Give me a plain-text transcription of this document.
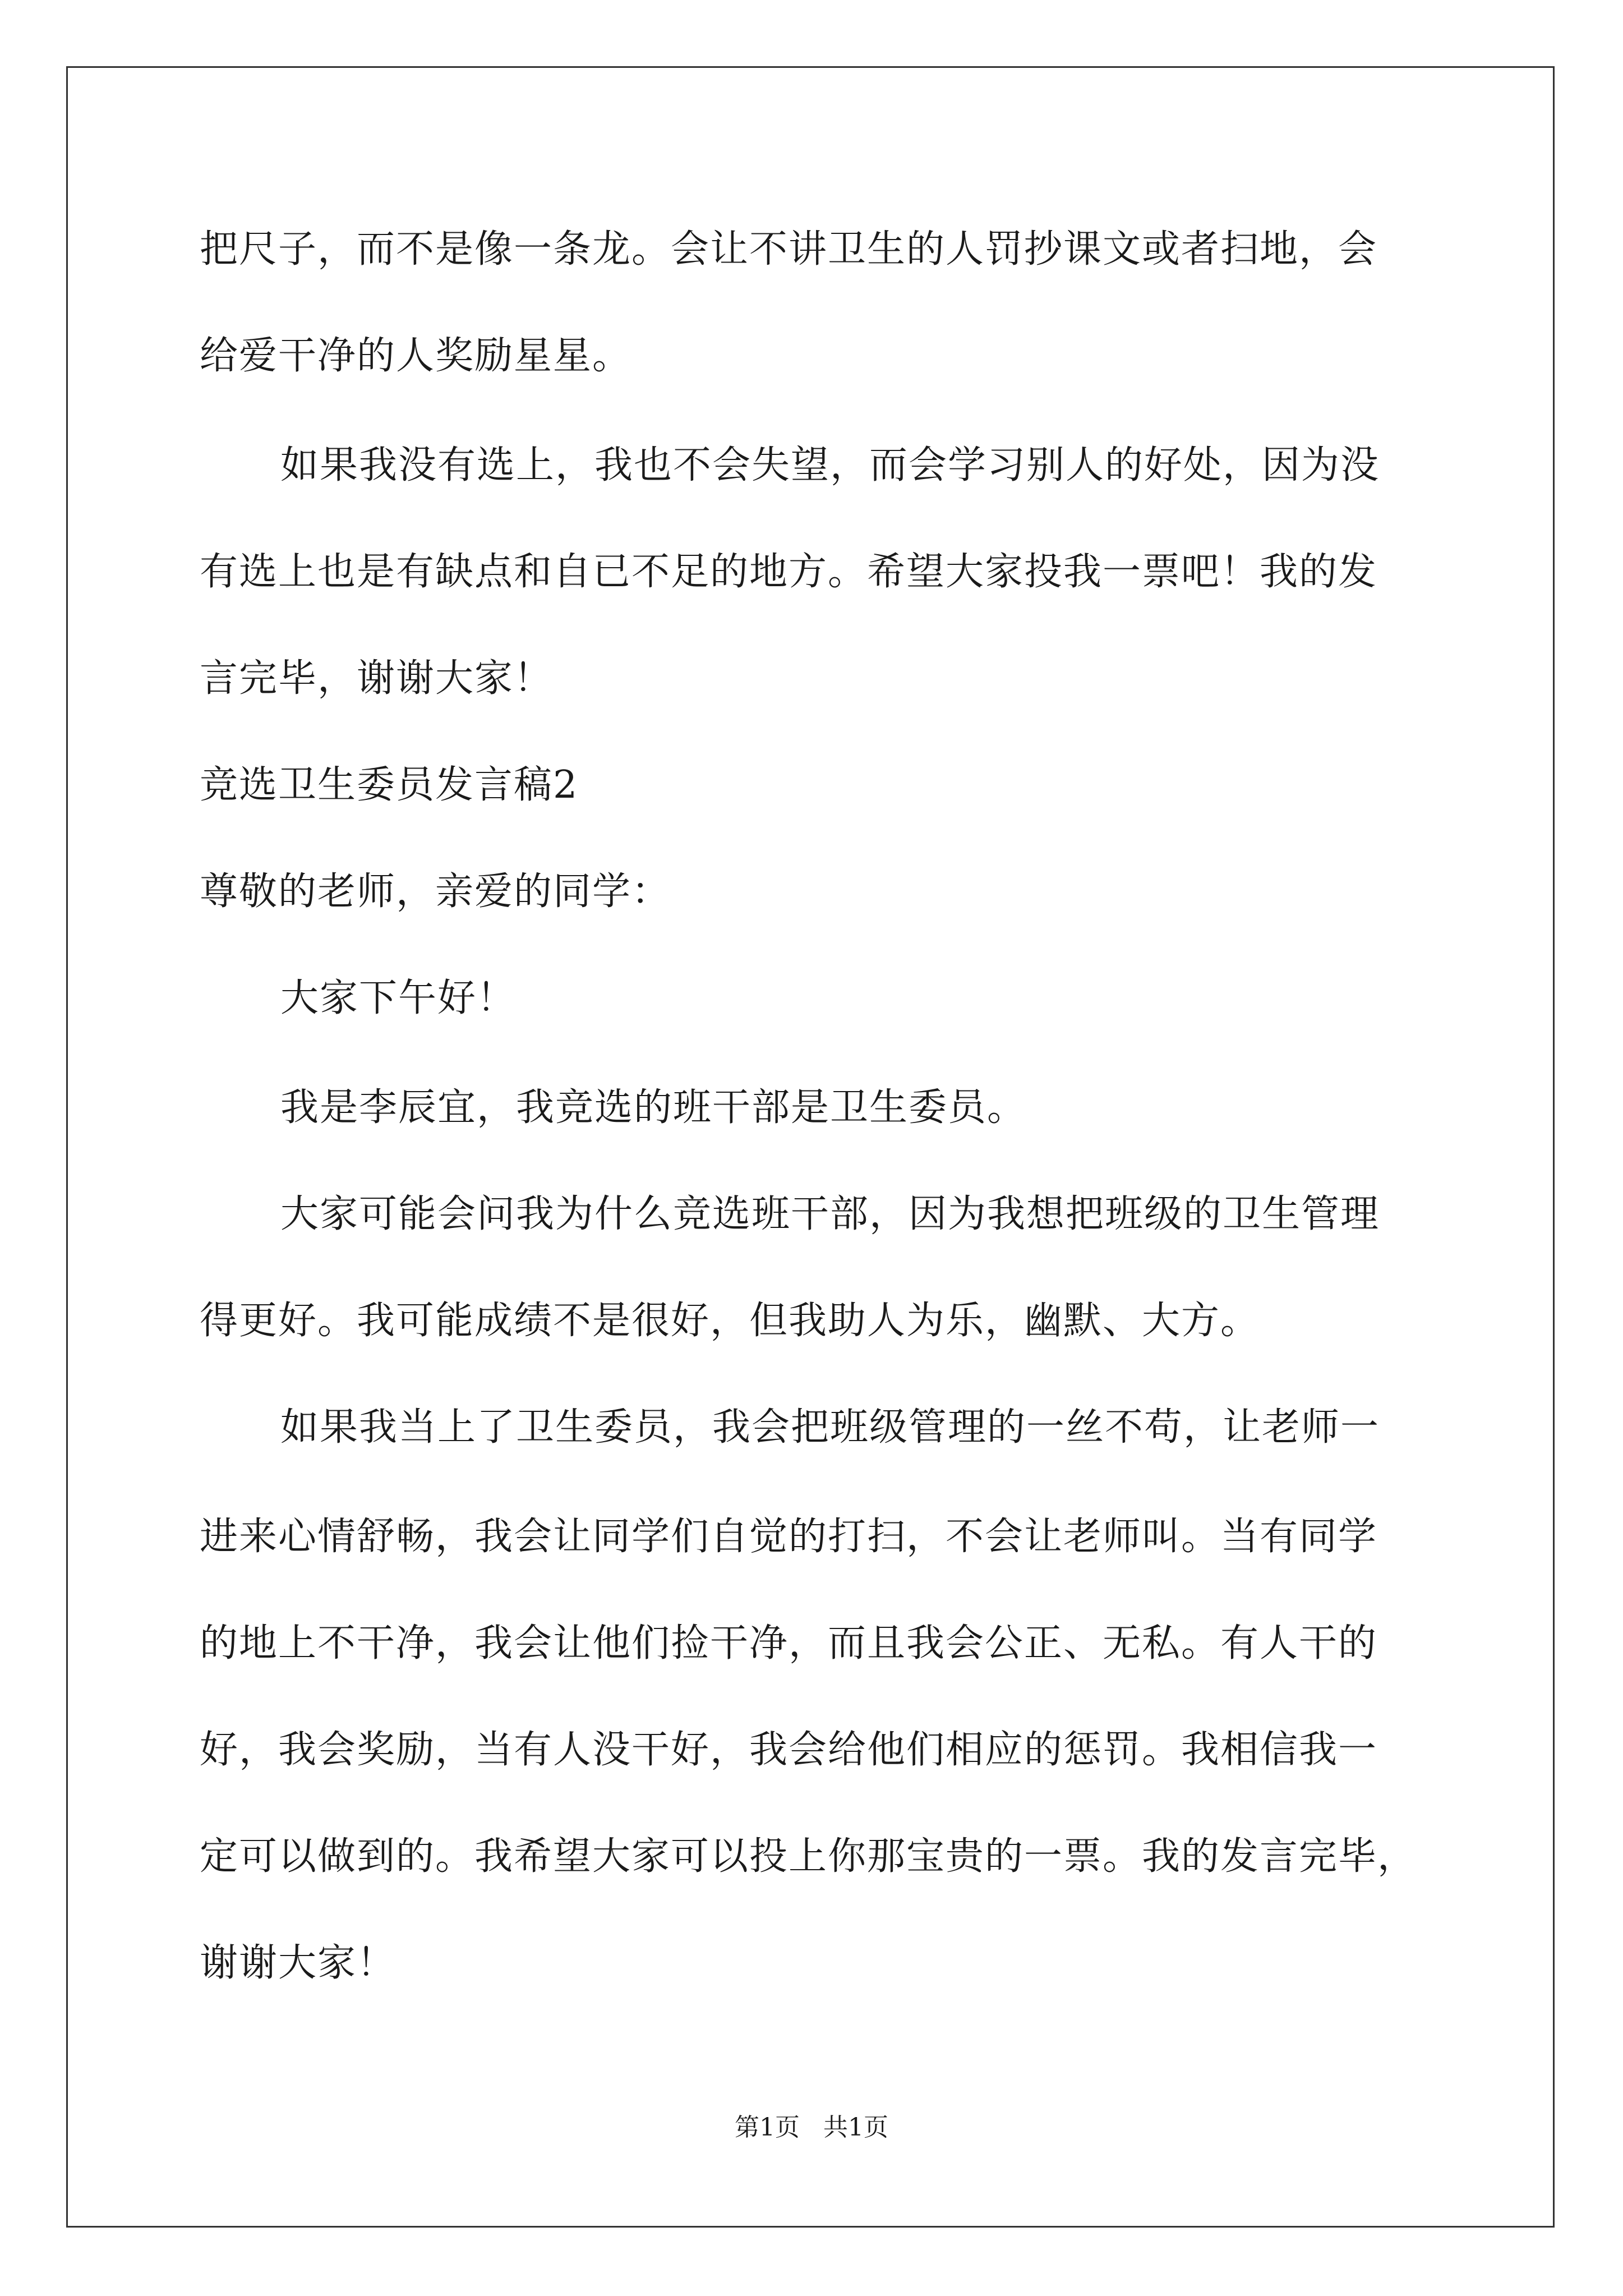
把尺子，而不是像一条龙。会让不讲卫生的人罚抄课文或者扫地，会

给爱干净的人奖励星星。

如果我没有选上，我也不会失望，而会学习别人的好处，因为没

有选上也是有缺点和自已不足的地方。希望大家投我一票吧！我的发

言完毕，谢谢大家！

竞选卫生委员发言稿2

尊敬的老师，亲爱的同学：

大家下午好！

我是李辰宜，我竞选的班干部是卫生委员。

大家可能会问我为什么竞选班干部，因为我想把班级的卫生管理

得更好。我可能成绩不是很好，但我助人为乐，幽默、大方。

如果我当上了卫生委员，我会把班级管理的一丝不苟，让老师一

进来心情舒畅，我会让同学们自觉的打扫，不会让老师叫。当有同学

的地上不干净，我会让他们捡干净，而且我会公正、无私。有人干的

好，我会奖励，当有人没干好，我会给他们相应的惩罚。我相信我一

定可以做到的。我希望大家可以投上你那宝贵的一票。我的发言完毕，

谢谢大家！

第1页   共1页
